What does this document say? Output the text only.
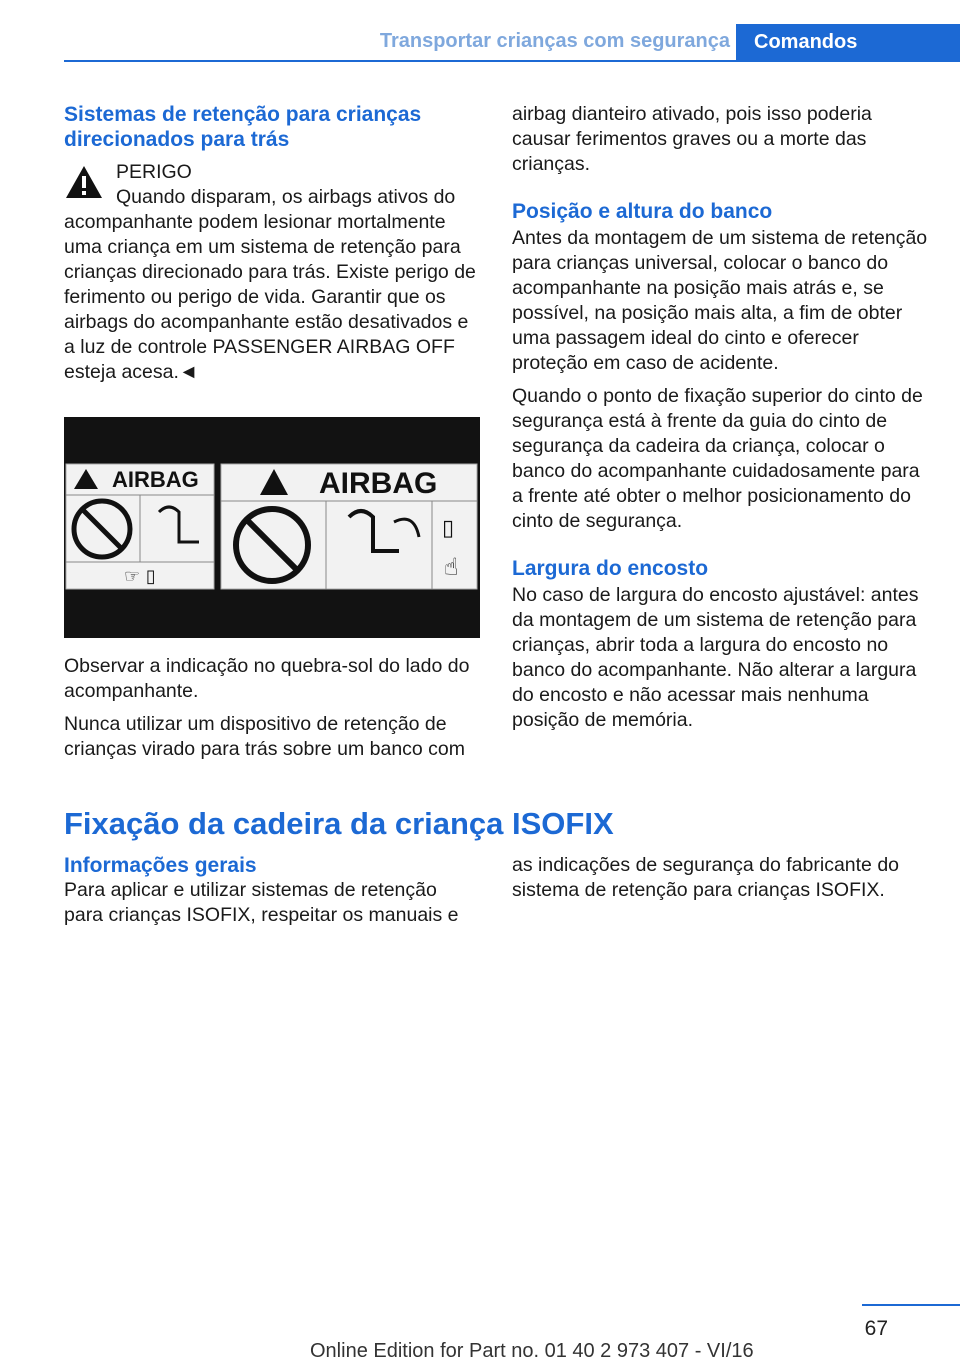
Transportar crianças com segurança	Comandos
Sistemas de retenção para crianças direcionados para trás

PERIGO

Quando disparam, os airbags ativos do

acompanhante podem lesionar mortalmente uma criança em um sistema de retenção para crianças direcionado para trás. Existe perigo de ferimento ou perigo de vida. Garantir que os airbags do acompanhante estão desativados e a luz de controle PASSENGER AIRBAG OFF esteja acesa.◄

AIRBAG
☞ ▯
AIRBAG
▯
☝

Observar a indicação no quebra-sol do lado do acompanhante.

Nunca utilizar um dispositivo de retenção de crianças virado para trás sobre um banco com

airbag dianteiro ativado, pois isso poderia causar ferimentos graves ou a morte das crianças.

Posição e altura do banco

Antes da montagem de um sistema de retenção para crianças universal, colocar o banco do acompanhante na posição mais atrás e, se possível, na posição mais alta, a fim de obter uma passagem ideal do cinto e oferecer proteção em caso de acidente.

Quando o ponto de fixação superior do cinto de segurança está à frente da guia do cinto de segurança da cadeira da criança, colocar o banco do acompanhante cuidadosamente para a frente até obter o melhor posicionamento do cinto de segurança.

Largura do encosto

No caso de largura do encosto ajustável: antes da montagem de um sistema de retenção para crianças, abrir toda a largura do encosto no banco do acompanhante. Não alterar a largura do encosto e não acessar mais nenhuma posição de memória.

Fixação da cadeira da criança ISOFIX
Informações gerais

Para aplicar e utilizar sistemas de retenção para crianças ISOFIX, respeitar os manuais e

as indicações de segurança do fabricante do sistema de retenção para crianças ISOFIX.

67
Online Edition for Part no. 01 40 2 973 407 - VI/16
